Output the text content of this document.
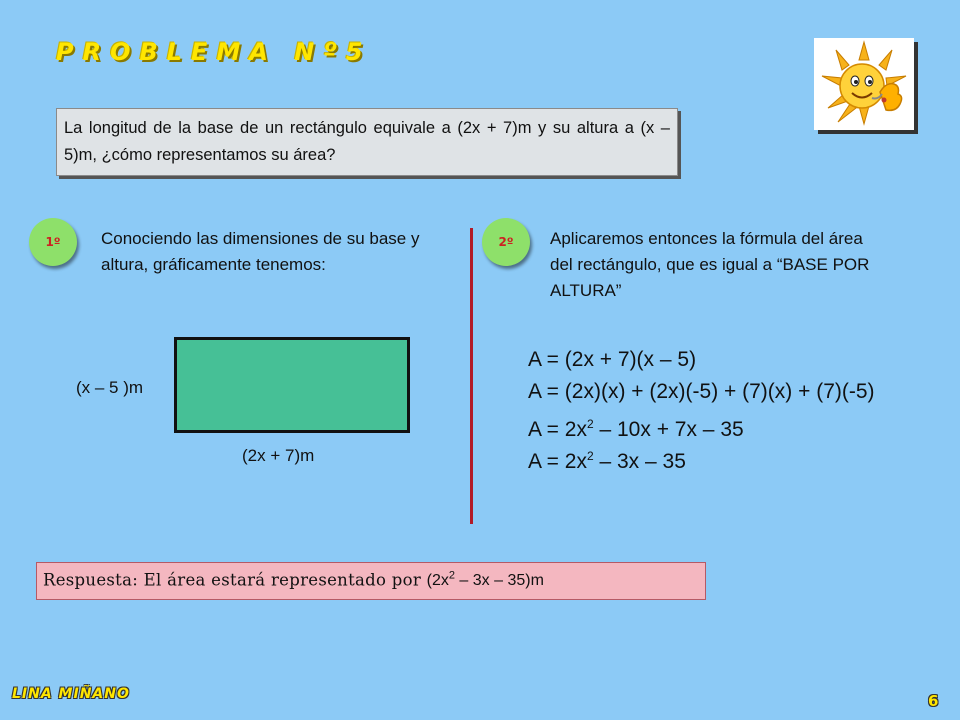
PROBLEMA Nº5
La longitud de la base de un rectángulo equivale a (2x + 7)m y su altura a (x – 5)m, ¿cómo representamos su área?
1º	Conociendo las dimensiones de su base y altura, gráficamente tenemos:
2º	Aplicaremos entonces la fórmula del área del rectángulo, que es igual a “BASE POR ALTURA”
(x – 5 )m
(2x + 7)m
A = (2x + 7)(x – 5)
A = (2x)(x) + (2x)(-5) + (7)(x) + (7)(-5)
$A = 2x^2 - 10x + 7x - 35$
$A = 2x^2 - 3x - 35$
Respuesta: El área estará representado por $(2x^2 - 3x - 35)m$
LINA MIÑANO	6
